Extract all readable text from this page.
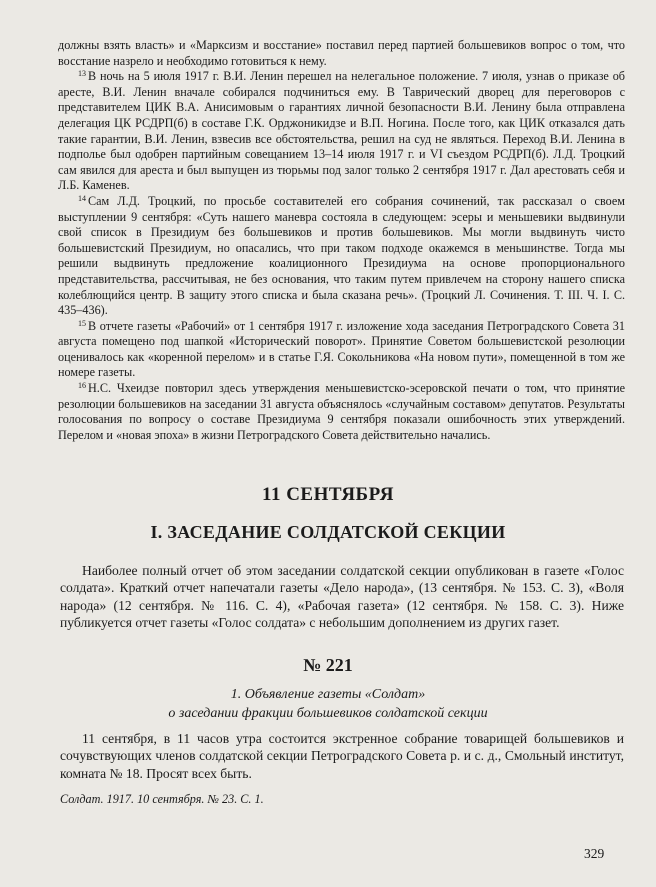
должны взять власть» и «Марксизм и восстание» поставил перед партией большевиков вопрос о том, что восстание назрело и необходимо готовиться к нему.

$^{13}$ В ночь на 5 июля 1917 г. В.И. Ленин перешел на нелегальное положение. 7 июля, узнав о приказе об аресте, В.И. Ленин вначале собирался подчиниться ему. В Таврический дворец для переговоров с представителем ЦИК В.А. Анисимовым о гарантиях личной безопасности В.И. Ленину была отправлена делегация ЦК РСДРП(б) в составе Г.К. Орджоникидзе и В.П. Ногина. После того, как ЦИК отказался дать такие гарантии, В.И. Ленин, взвесив все обстоятельства, решил на суд не являться. Переход В.И. Ленина в подполье был одобрен партийным совещанием 13–14 июля 1917 г. и VI съездом РСДРП(б). Л.Д. Троцкий сам явился для ареста и был выпущен из тюрьмы под залог только 2 сентября 1917 г. Дал арестовать себя и Л.Б. Каменев.

$^{14}$ Сам Л.Д. Троцкий, по просьбе составителей его собрания сочинений, так рассказал о своем выступлении 9 сентября: «Суть нашего маневра состояла в следующем: эсеры и меньшевики выдвинули свой список в Президиум без большевиков и против большевиков. Мы могли выдвинуть чисто большевистский Президиум, но опасались, что при таком подходе окажемся в меньшинстве. Тогда мы решили выдвинуть предложение коалиционного Президиума на основе пропорционального представительства, рассчитывая, не без основания, что таким путем привлечем на сторону нашего списка колеблющийся центр. В защиту этого списка и была сказана речь». (Троцкий Л. Сочинения. Т. III. Ч. I. С. 435–436).

$^{15}$ В отчете газеты «Рабочий» от 1 сентября 1917 г. изложение хода заседания Петроградского Совета 31 августа помещено под шапкой «Исторический поворот». Принятие Советом большевистской резолюции оценивалось как «коренной перелом» и в статье Г.Я. Сокольникова «На новом пути», помещенной в том же номере газеты.

$^{16}$ Н.С. Чхеидзе повторил здесь утверждения меньшевистско-эсеровской печати о том, что принятие резолюции большевиков на заседании 31 августа объяснялось «случайным составом» депутатов. Результаты голосования по вопросу о составе Президиума 9 сентября показали ошибочность этих утверждений. Перелом и «новая эпоха» в жизни Петроградского Совета действительно начались.

11 СЕНТЯБРЯ
I. ЗАСЕДАНИЕ СОЛДАТСКОЙ СЕКЦИИ

Наиболее полный отчет об этом заседании солдатской секции опубликован в газете «Голос солдата». Краткий отчет напечатали газеты «Дело народа», (13 сентября. № 153. С. 3), «Воля народа» (12 сентября. № 116. С. 4), «Рабочая газета» (12 сентября. № 158. С. 3). Ниже публикуется отчет газеты «Голос солдата» с небольшим дополнением из других газет.

№ 221
1. Объявление газеты «Солдат»
о заседании фракции большевиков солдатской секции

11 сентября, в 11 часов утра состоится экстренное собрание товарищей большевиков и сочувствующих членов солдатской секции Петроградского Совета р. и с. д., Смольный институт, комната № 18. Просят всех быть.

Солдат. 1917. 10 сентября. № 23. С. 1.
329
